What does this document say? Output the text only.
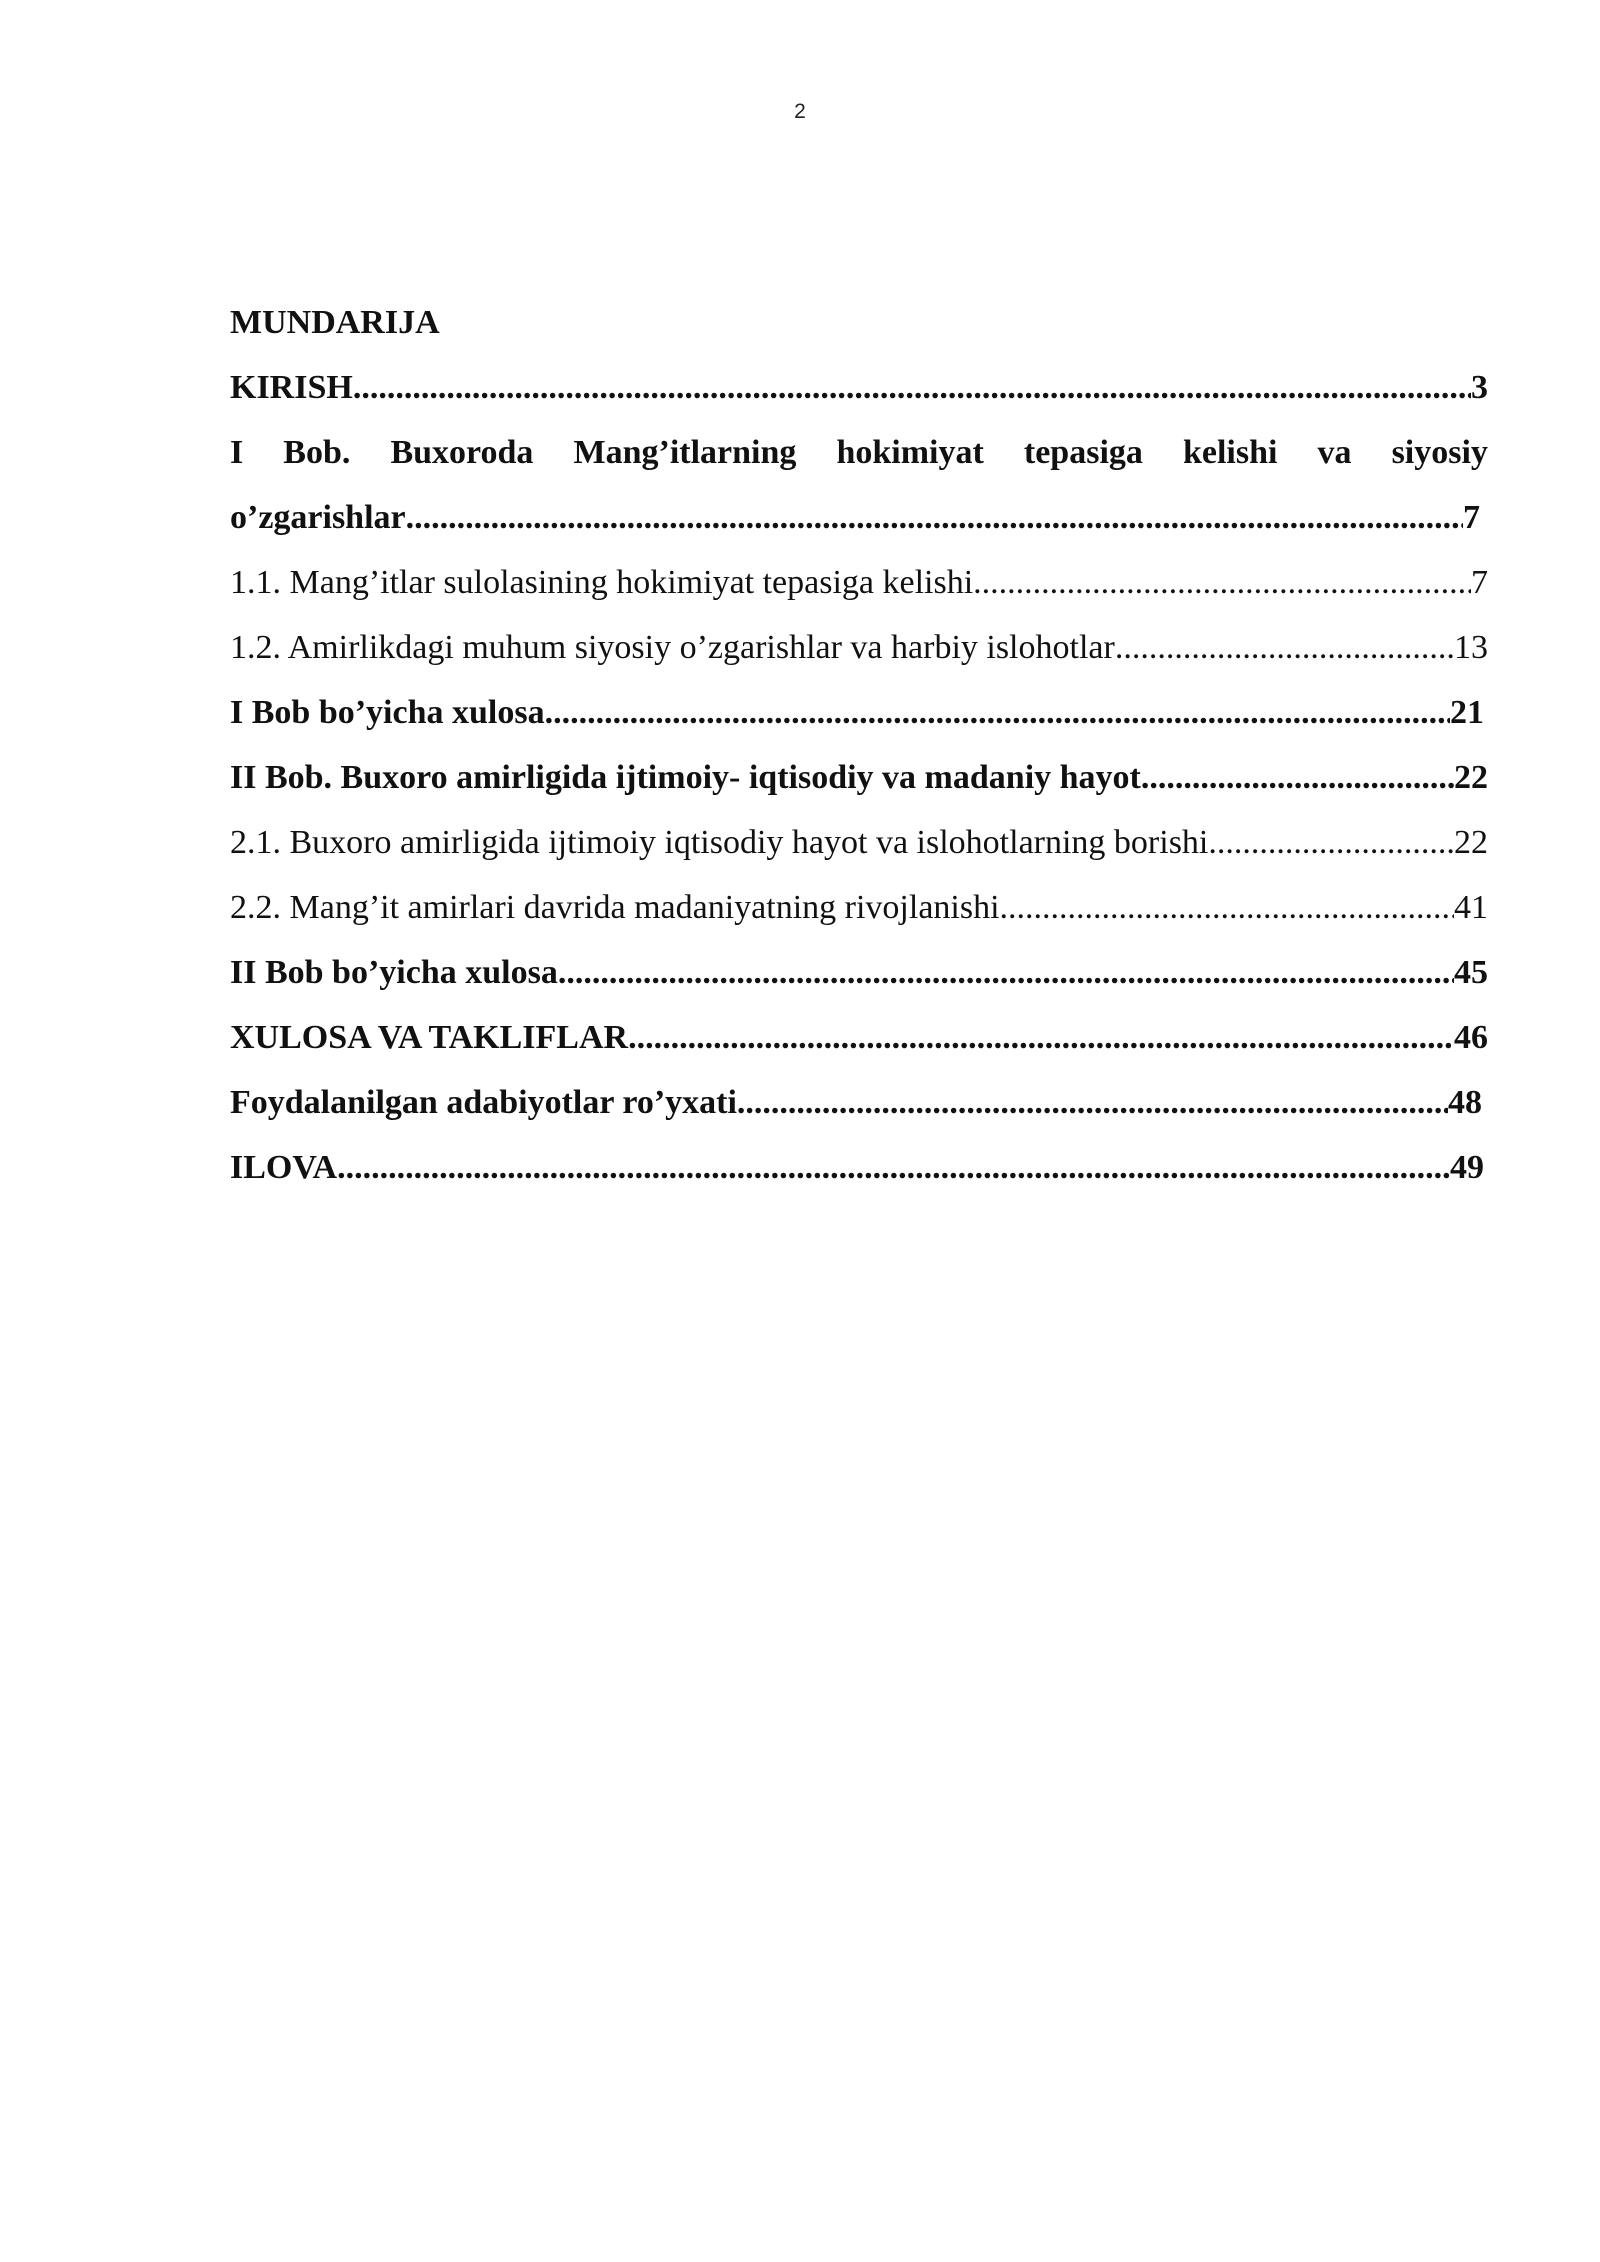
2
MUNDARIJA
KIRISH .....	3
I Bob. Buxoroda Mang’itlarning hokimiyat tepasiga kelishi va siyosiy
o’zgarishlar .....	7
1.1. Mang’itlar sulolasining hokimiyat tepasiga kelishi .....	7
1.2. Amirlikdagi muhum siyosiy o’zgarishlar va harbiy islohotlar .....	13
I Bob bo’yicha xulosa .....	21
II Bob. Buxoro amirligida ijtimoiy- iqtisodiy va madaniy hayot .....	22
2.1. Buxoro amirligida ijtimoiy iqtisodiy hayot va islohotlarning borishi .....	22
2.2. Mang’it amirlari davrida madaniyatning rivojlanishi .....	41
II Bob bo’yicha xulosa .....	45
XULOSA VA TAKLIFLAR .....	46
Foydalanilgan adabiyotlar ro’yxati .....	48
ILOVA .....	49
